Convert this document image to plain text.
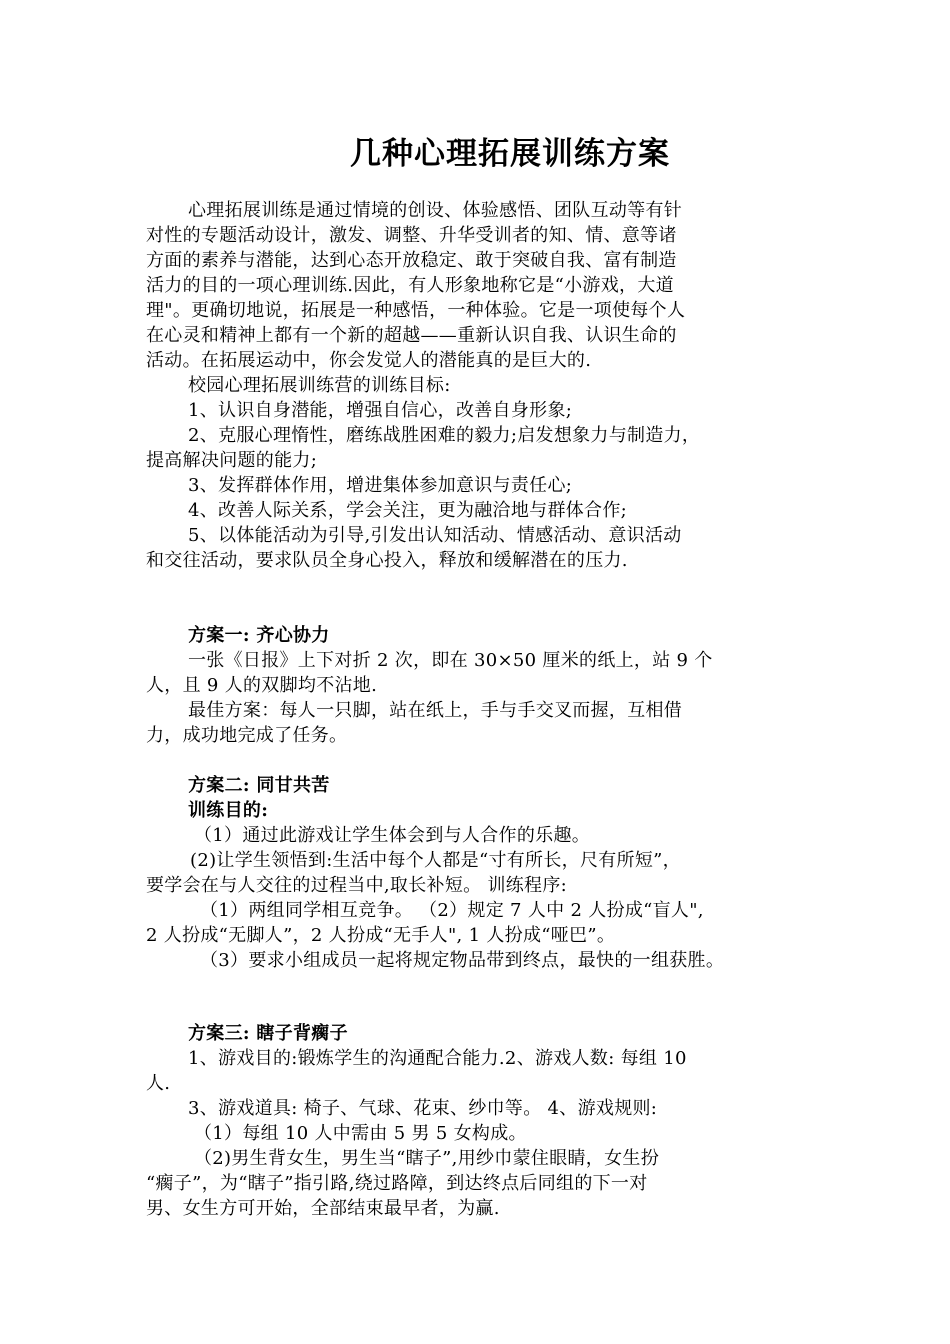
几种心理拓展训练方案
心理拓展训练是通过情境的创设、体验感悟、团队互动等有针
对性的专题活动设计，激发、调整、升华受训者的知、情、意等诸
方面的素养与潜能，达到心态开放稳定、敢于突破自我、富有制造
活力的目的一项心理训练.因此，有人形象地称它是“小游戏，大道
理"。更确切地说，拓展是一种感悟，一种体验。它是一项使每个人
在心灵和精神上都有一个新的超越——重新认识自我、认识生命的
活动。在拓展运动中，你会发觉人的潜能真的是巨大的.
校园心理拓展训练营的训练目标:
1、认识自身潜能，增强自信心，改善自身形象;
2、克服心理惰性，磨练战胜困难的毅力;启发想象力与制造力，
提高解决问题的能力;
3、发挥群体作用，增进集体参加意识与责任心;
4、改善人际关系，学会关注，更为融洽地与群体合作;
5、以体能活动为引导,引发出认知活动、情感活动、意识活动
和交往活动，要求队员全身心投入，释放和缓解潜在的压力.
方案一: 齐心协力
一张《日报》上下对折 2 次，即在 30×50 厘米的纸上，站 9 个
人，且 9 人的双脚均不沾地.
最佳方案：每人一只脚，站在纸上，手与手交叉而握，互相借
力，成功地完成了任务。
方案二: 同甘共苦
训练目的:
（1）通过此游戏让学生体会到与人合作的乐趣。
(2)让学生领悟到:生活中每个人都是“寸有所长，尺有所短”，
要学会在与人交往的过程当中,取长补短。 训练程序:
（1）两组同学相互竞争。 （2）规定 7 人中 2 人扮成“盲人",
2 人扮成“无脚人”，2 人扮成“无手人", 1 人扮成“哑巴”。
（3）要求小组成员一起将规定物品带到终点，最快的一组获胜。
方案三: 瞎子背瘸子
1、游戏目的:锻炼学生的沟通配合能力.2、游戏人数: 每组 10
人.
3、游戏道具: 椅子、气球、花束、纱巾等。 4、游戏规则:
（1）每组 10 人中需由 5 男 5 女构成。
（2)男生背女生，男生当“瞎子”,用纱巾蒙住眼睛，女生扮
“瘸子”，为“瞎子”指引路,绕过路障，到达终点后同组的下一对
男、女生方可开始，全部结束最早者，为赢.
